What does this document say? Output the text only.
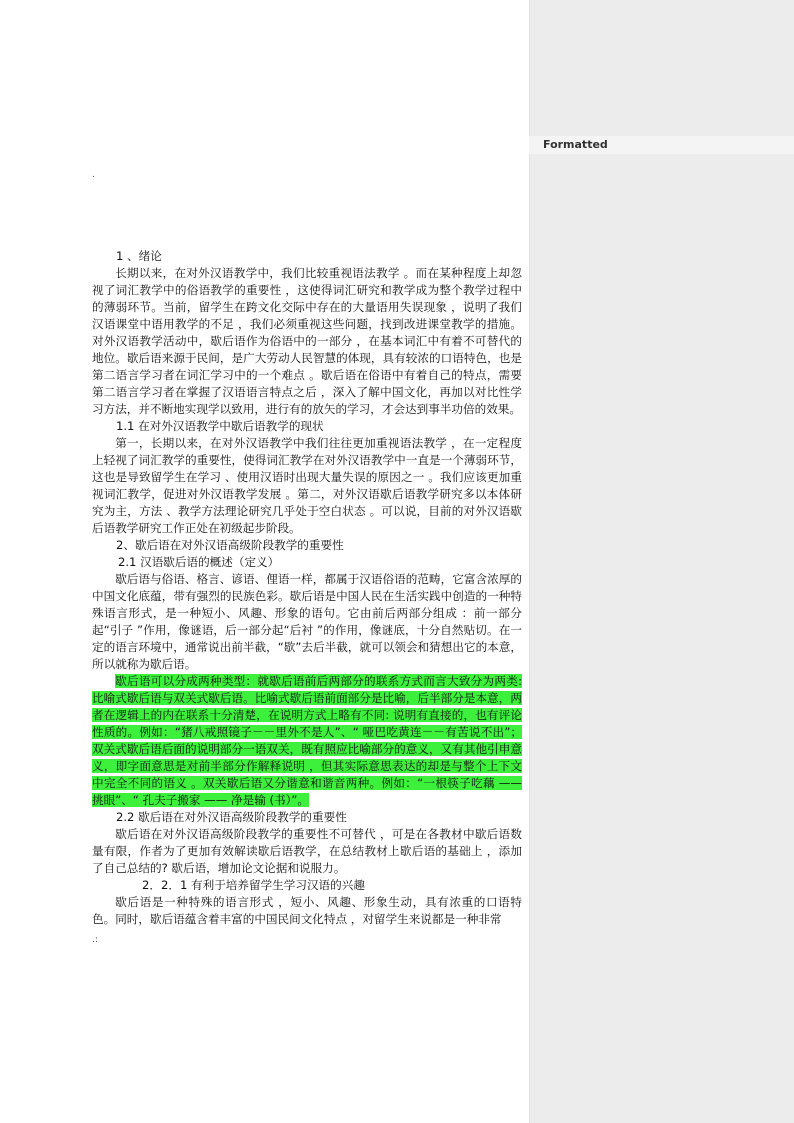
.

1 、绪论

长期以来，在对外汉语教学中，我们比较重视语法教学 。而在某种程度上却忽视了词汇教学中的俗语教学的重要性 ，这使得词汇研究和教学成为整个教学过程中的薄弱环节。当前，留学生在跨文化交际中存在的大量语用失误现象 ，说明了我们汉语课堂中语用教学的不足 ，我们必须重视这些问题，找到改进课堂教学的措施。对外汉语教学活动中，歇后语作为俗语中的一部分 ，在基本词汇中有着不可替代的地位。歇后语来源于民间，是广大劳动人民智慧的体现，具有较浓的口语特色，也是第二语言学习者在词汇学习中的一个难点 。歇后语在俗语中有着自己的特点，需要第二语言学习者在掌握了汉语语言特点之后 ，深入了解中国文化，再加以对比性学习方法，并不断地实现学以致用，进行有的放矢的学习，才会达到事半功倍的效果。

1.1 在对外汉语教学中歇后语教学的现状

第一，长期以来，在对外汉语教学中我们往往更加重视语法教学 ，在一定程度上轻视了词汇教学的重要性，使得词汇教学在对外汉语教学中一直是一个薄弱环节，这也是导致留学生在学习 、使用汉语时出现大量失误的原因之一 。我们应该更加重视词汇教学，促进对外汉语教学发展 。第二，对外汉语歇后语教学研究多以本体研究为主，方法 、教学方法理论研究几乎处于空白状态 。可以说，目前的对外汉语歇后语教学研究工作正处在初级起步阶段。

2、歇后语在对外汉语高级阶段教学的重要性

2.1 汉语歇后语的概述（定义）

歇后语与俗语、格言、谚语、俚语一样，都属于汉语俗语的范畴，它富含浓厚的中国文化底蕴，带有强烈的民族色彩。歇后语是中国人民在生活实践中创造的一种特殊语言形式，是一种短小、风趣、形象的语句。它由前后两部分组成 ：前一部分起“引子 ”作用，像谜语，后一部分起“后衬 ”的作用，像谜底，十分自然贴切。在一定的语言环境中，通常说出前半截，“歇”去后半截，就可以领会和猜想出它的本意，所以就称为歇后语。

歇后语可以分成两种类型：就歇后语前后两部分的联系方式而言大致分为两类: 比喻式歇后语与双关式歇后语。比喻式歇后语前面部分是比喻，后半部分是本意，两者在逻辑上的内在联系十分清楚，在说明方式上略有不同: 说明有直接的，也有评论性质的。例如：“猪八戒照镜子－－里外不是人”、“ 哑巴吃黄连－－有苦说不出”；双关式歇后语后面的说明部分一语双关，既有照应比喻部分的意义，又有其他引申意义，即字面意思是对前半部分作解释说明 ，但其实际意思表达的却是与整个上下文中完全不同的语义 。双关歇后语又分谐意和谐音两种。例如：“一根筷子吃藕 ——挑眼”、“ 孔夫子搬家 —— 净是输 (书）”。

2.2 歇后语在对外汉语高级阶段教学的重要性

歇后语在对外汉语高级阶段教学的重要性不可替代 ，可是在各教材中歇后语数量有限，作者为了更加有效解读歇后语教学，在总结教材上歇后语的基础上 ，添加了自己总结的? 歇后语，增加论文论据和说服力。

2．2．1 有利于培养留学生学习汉语的兴趣

歇后语是一种特殊的语言形式 ，短小、风趣、形象生动，具有浓重的口语特色。同时，歇后语蕴含着丰富的中国民间文化特点 ，对留学生来说都是一种非常

.:
Formatted
